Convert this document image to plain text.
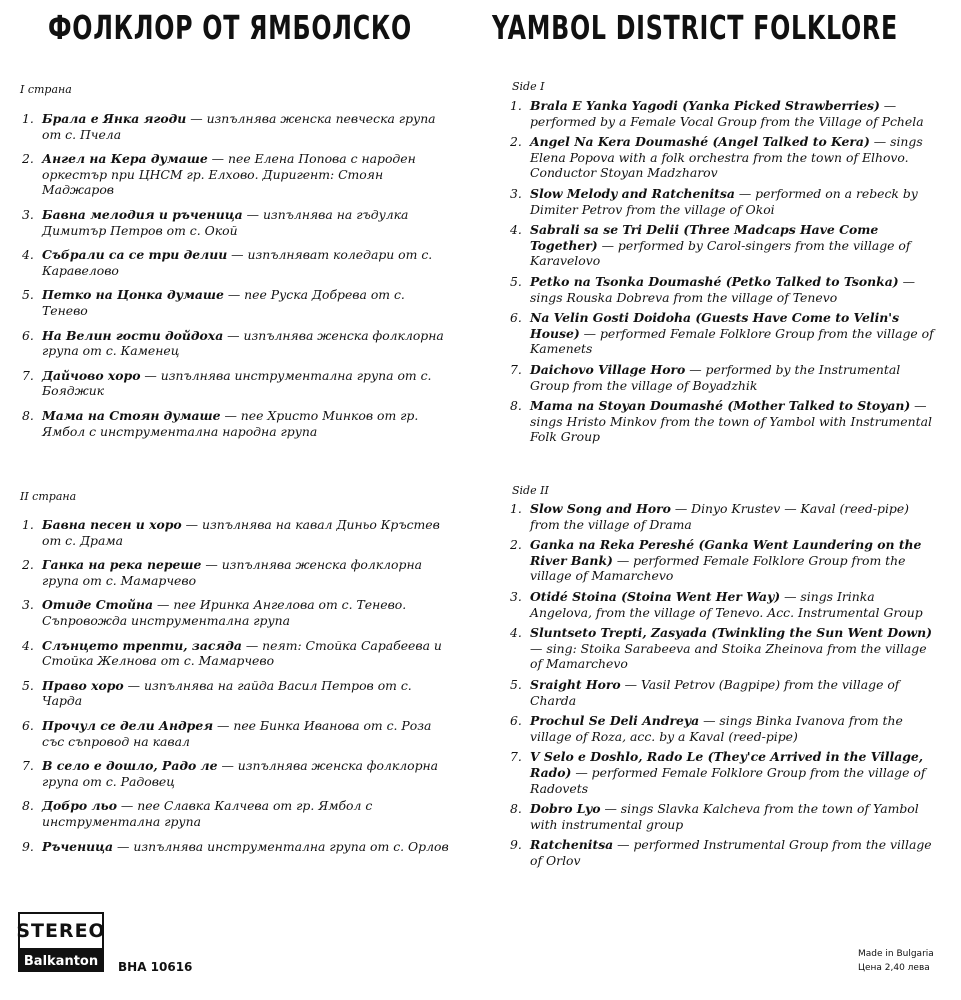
ФОЛКЛОР ОТ ЯМБОЛСКО
I страна
1. Брала е Янка ягоди — изпълнява женска певческа група от с. Пчела
2. Ангел на Кера думаше — пее Елена Попова с народен оркестър при ЦНСМ гр. Елхово. Диригент: Стоян Маджаров
3. Бавна мелодия и ръченица — изпълнява на гъдулка Димитър Петров от с. Окой
4. Събрали са се три делии — изпълняват коледари от с. Каравелово
5. Петко на Цонка думаше — пее Руска Добрева от с. Тенево
6. На Велин гости дойдоха — изпълнява женска фолклорна група от с. Каменец
7. Дайчово хоро — изпълнява инструментална група от с. Бояджик
8. Мама на Стоян думаше — пее Христо Минков от гр. Ямбол с инструментална народна група
II страна
1. Бавна песен и хоро — изпълнява на кавал Диньо Кръстев от с. Драма
2. Ганка на река переше — изпълнява женска фолклорна група от с. Мамарчево
3. Отиде Стойна — пее Иринка Ангелова от с. Тенево. Съпровожда инструментална група
4. Слънцето трепти, засяда — пеят: Стойка Сарабеева и Стойка Желнова от с. Мамарчево
5. Право хоро — изпълнява на гайда Васил Петров от с. Чарда
6. Прочул се дели Андрея — пее Бинка Иванова от с. Роза със съпровод на кавал
7. В село е дошло, Радо ле — изпълнява женска фолклорна група от с. Радовец
8. Добро льо — пее Славка Калчева от гр. Ямбол с инструментална група
9. Ръченица — изпълнява инструментална група от с. Орлов
YAMBOL DISTRICT FOLKLORE
Side I
1. Brala E Yanka Yagodi (Yanka Picked Strawberries) — performed by a Female Vocal Group from the Village of Pchela
2. Angel Na Kera Doumashé (Angel Talked to Kera) — sings Elena Popova with a folk orchestra from the town of Elhovo. Conductor Stoyan Madzharov
3. Slow Melody and Ratchenitsa — performed on a rebeck by Dimiter Petrov from the village of Okoi
4. Sabrali sa se Tri Delii (Three Madcaps Have Come Together) — performed by Carol-singers from the village of Karavelovo
5. Petko na Tsonka Doumashé (Petko Talked to Tsonka) — sings Rouska Dobreva from the village of Tenevo
6. Na Velin Gosti Doidoha (Guests Have Come to Velin's House) — performed Female Folklore Group from the village of Kamenets
7. Daichovo Village Horo — performed by the Instrumental Group from the village of Boyadzhik
8. Mama na Stoyan Doumashé (Mother Talked to Stoyan) — sings Hristo Minkov from the town of Yambol with Instrumental Folk Group
Side II
1. Slow Song and Horo — Dinyo Krustev — Kaval (reed-pipe) from the village of Drama
2. Ganka na Reka Pereshé (Ganka Went Laundering on the River Bank) — performed Female Folklore Group from the village of Mamarchevo
3. Otidé Stoina (Stoina Went Her Way) — sings Irinka Angelova, from the village of Tenevo. Acc. Instrumental Group
4. Sluntseto Trepti, Zasyada (Twinkling the Sun Went Down) — sing: Stoika Sarabeeva and Stoika Zheinova from the village of Mamarchevo
5. Sraight Horo — Vasil Petrov (Bagpipe) from the village of Charda
6. Prochul Se Deli Andreya — sings Binka Ivanova from the village of Roza, acc. by a Kaval (reed-pipe)
7. V Selo e Doshlo, Rado Le (They'ce Arrived in the Village, Rado) — performed Female Folklore Group from the village of Radovets
8. Dobro Lyo — sings Slavka Kalcheva from the town of Yambol with instrumental group
9. Ratchenitsa — performed Instrumental Group from the village of Orlov
STEREO
Balkanton BHA 10616
Made in Bulgaria
Цена 2,40 лева
